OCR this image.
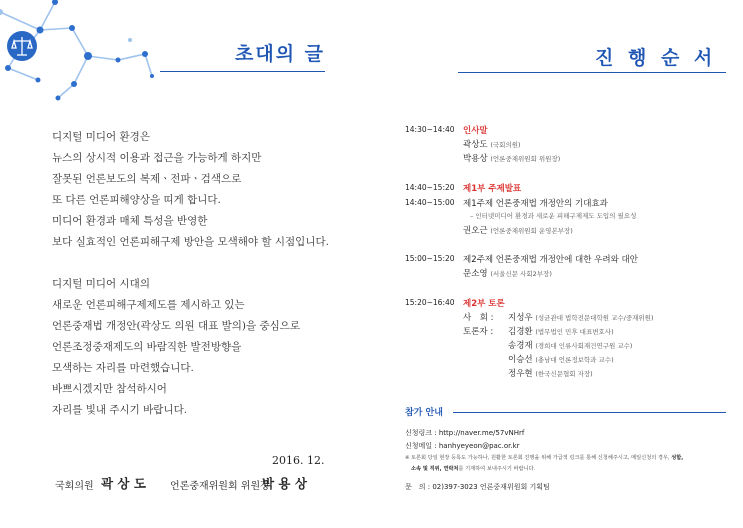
초대의 글
디지털 미디어 환경은
뉴스의 상시적 이용과 접근을 가능하게 하지만
잘못된 언론보도의 복제ㆍ전파ㆍ검색으로
또 다른 언론피해양상을 띠게 합니다.
미디어 환경과 매체 특성을 반영한
보다 실효적인 언론피해구제 방안을 모색해야 할 시점입니다.
디지털 미디어 시대의
새로운 언론피해구제제도를 제시하고 있는
언론중재법 개정안(곽상도 의원 대표 발의)을 중심으로
언론조정중재제도의 바람직한 발전방향을
모색하는 자리를 마련했습니다.
바쁘시겠지만 참석하시어
자리를 빛내 주시기 바랍니다.
2016. 12.
국회의원 곽 상 도 언론중재위원회 위원장
박 용 상
진 행 순 서
14:30~14:40 인사말
곽상도 (국회의원)
박용상 (언론중재위원회 위원장)
14:40~15:20 제1부 주제발표
14:40~15:00 제1주제 언론중재법 개정안의 기대효과
– 인터넷미디어 환경과 새로운 피해구제제도 도입의 필요성
권오근 (언론중재위원회 운영본부장)
15:00~15:20 제2주제 언론중재법 개정안에 대한 우려와 대안
문소영 (서울신문 사회2부장)
15:20~16:40 제2부 토론
사　회 : 지성우 (성균관대 법학전문대학원 교수/중재위원)
토론자 : 김경환 (법무법인 민후 대표변호사)
송경재 (경희대 인류사회재건연구원 교수)
이승선 (충남대 언론정보학과 교수)
정우현 (한국신문협회 자장)
참가 안내
신청링크 : http://naver.me/57vNHrf
신청메일 : hanhyeyeon@pac.or.kr
※ 토론회 당일 현장 등록도 가능하나, 원활한 토론회 진행을 위해 가급적 링크를 통해 신청해주시고, 메일신청의 경우, 성함,
소속 및 직위, 연락처를 기재하여 보내주시기 바랍니다.
문　의 : 02)397-3023 언론중재위원회 기획팀
